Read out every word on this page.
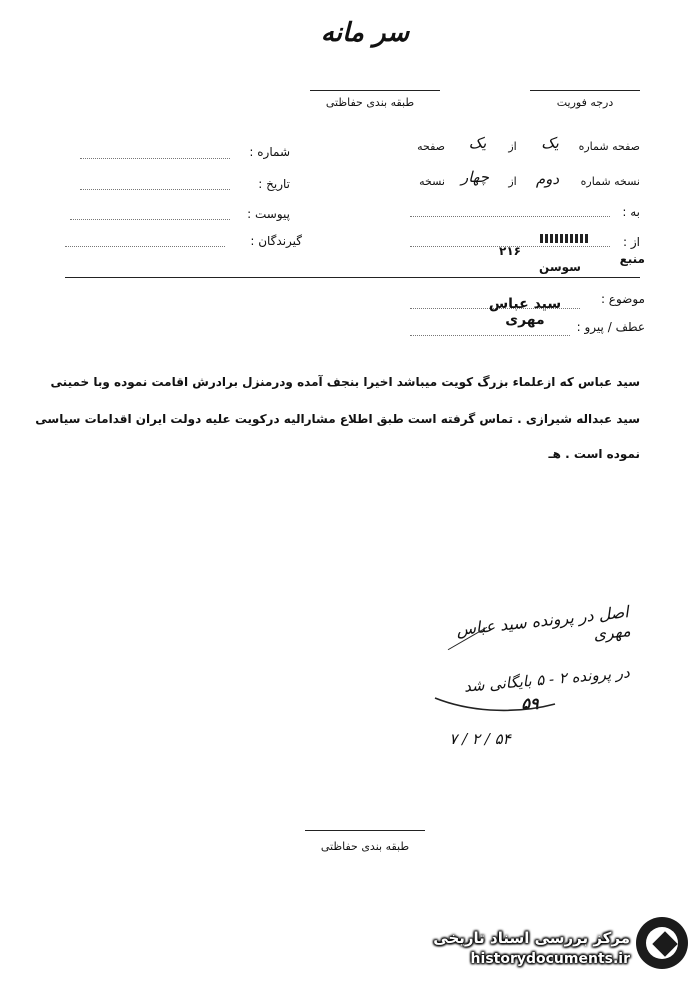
سر مانه
طبقه بندی حفاظتی	درجه فوریت
شماره :
تاریخ :
پیوست :
گیرندگان :
صفحه شماره
یک
از
یک
صفحه
نسخه شماره
دوم
از
چهار
نسخه
به :
از :
۲۱۶
منبع
سوسن
موضوع :
سید عباس مهری	عطف / پیرو :
سید عباس که ازعلماء بزرگ کویت میباشد اخیرا بنجف آمده ودرمنزل برادرش اقامت نموده وبا خمینی
سید عبداله شیرازی . تماس گرفته است طبق اطلاع مشارالیه درکویت علیه دولت ایران اقدامات سیاسی
نموده است . هـ
اصل در پرونده سید عباس مهری
در پرونده ۲ - ۵ بایگانی شد
۵۹
۷ / ۲ / ۵۴
طبقه بندی حفاظتی
مرکز بررسی اسناد تاریخی
historydocuments.ir
